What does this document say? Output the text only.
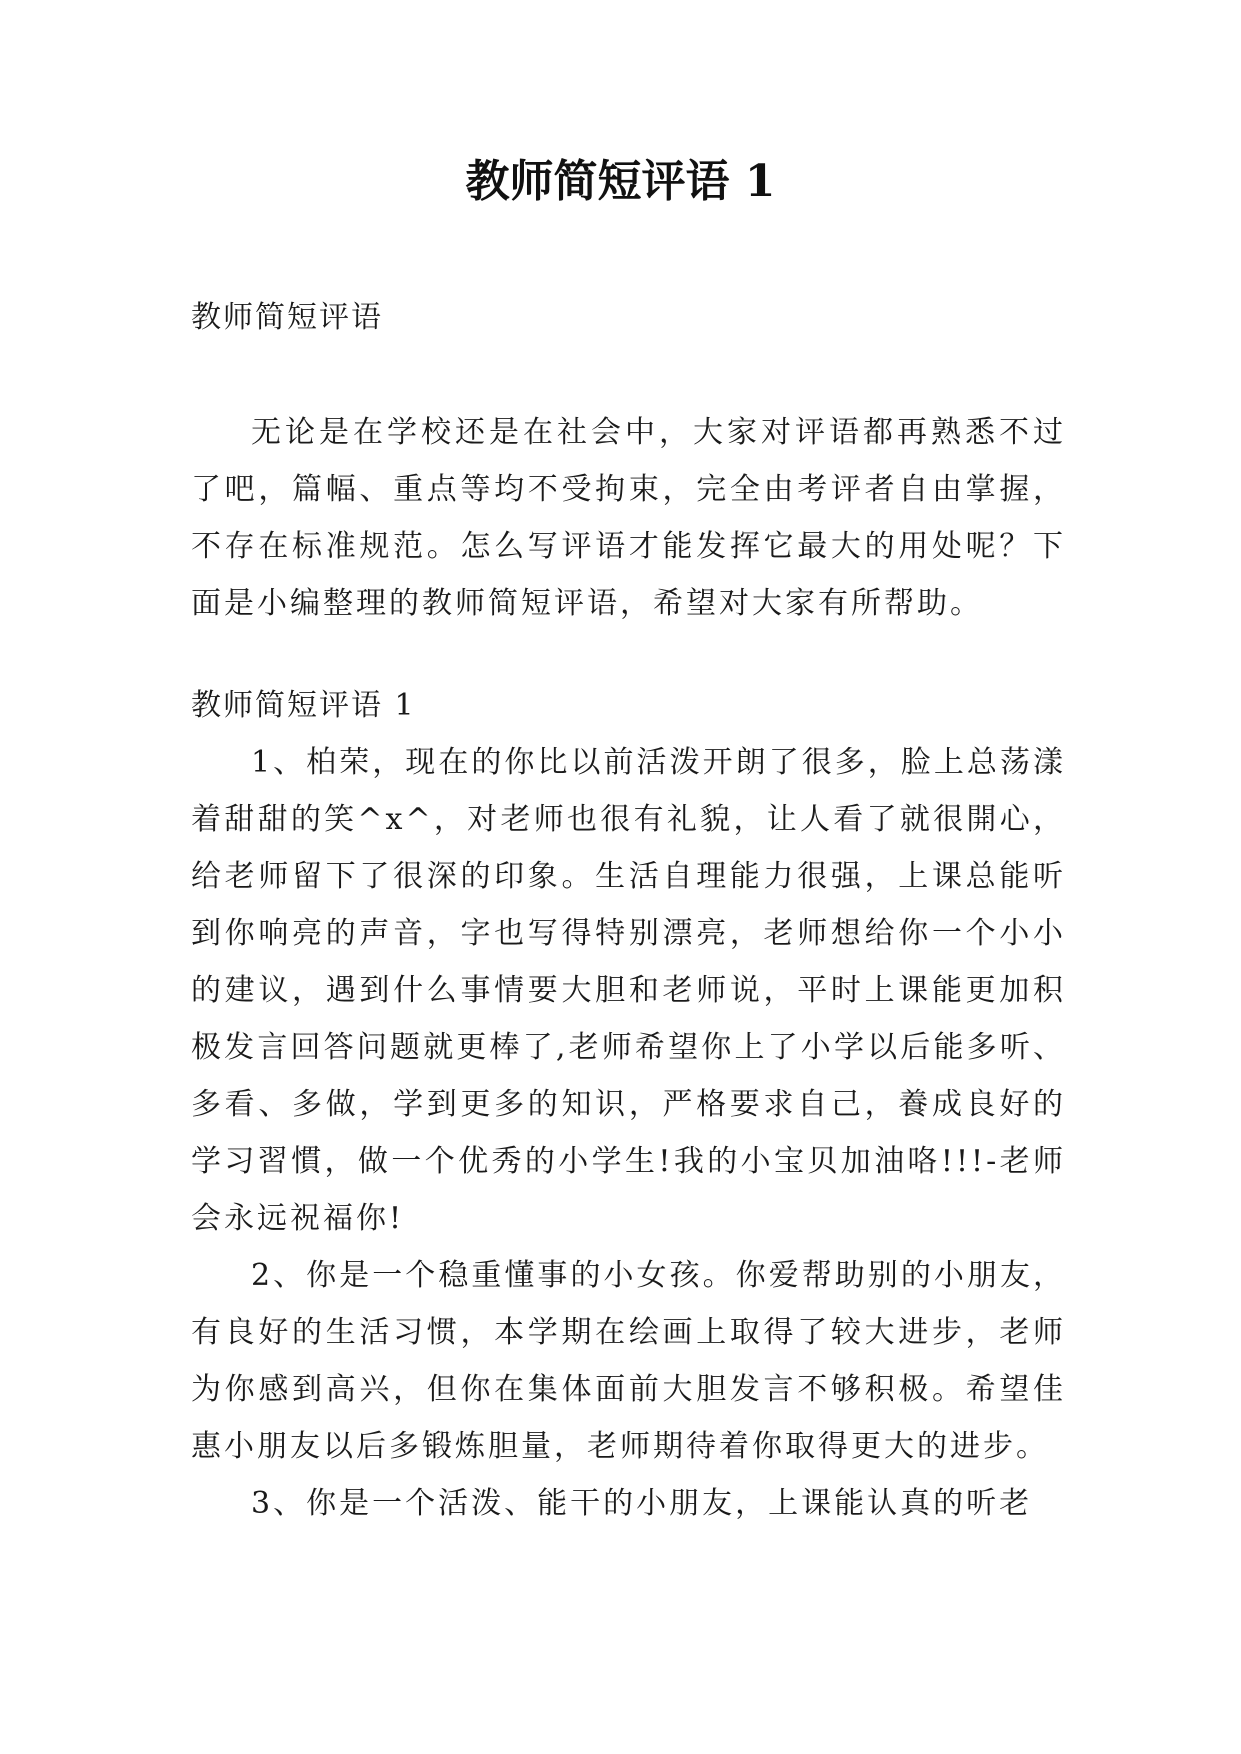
教师简短评语 1

教师简短评语

无论是在学校还是在社会中，大家对评语都再熟悉不过了吧，篇幅、重点等均不受拘束，完全由考评者自由掌握，不存在标准规范。怎么写评语才能发挥它最大的用处呢？下面是小编整理的教师简短评语，希望对大家有所帮助。

教师简短评语 1

1、柏荣，现在的你比以前活泼开朗了很多，脸上总荡漾着甜甜的笑^x^，对老师也很有礼貌，让人看了就很開心，给老师留下了很深的印象。生活自理能力很强，上课总能听到你响亮的声音，字也写得特别漂亮，老师想给你一个小小的建议，遇到什么事情要大胆和老师说，平时上课能更加积极发言回答问题就更棒了,老师希望你上了小学以后能多听、多看、多做，学到更多的知识，严格要求自己，養成良好的学习習慣，做一个优秀的小学生!我的小宝贝加油咯!!!-老师会永远祝福你!

2、你是一个稳重懂事的小女孩。你爱帮助别的小朋友，有良好的生活习惯，本学期在绘画上取得了较大进步，老师为你感到高兴，但你在集体面前大胆发言不够积极。希望佳惠小朋友以后多锻炼胆量，老师期待着你取得更大的进步。

3、你是一个活泼、能干的小朋友，上课能认真的听老
